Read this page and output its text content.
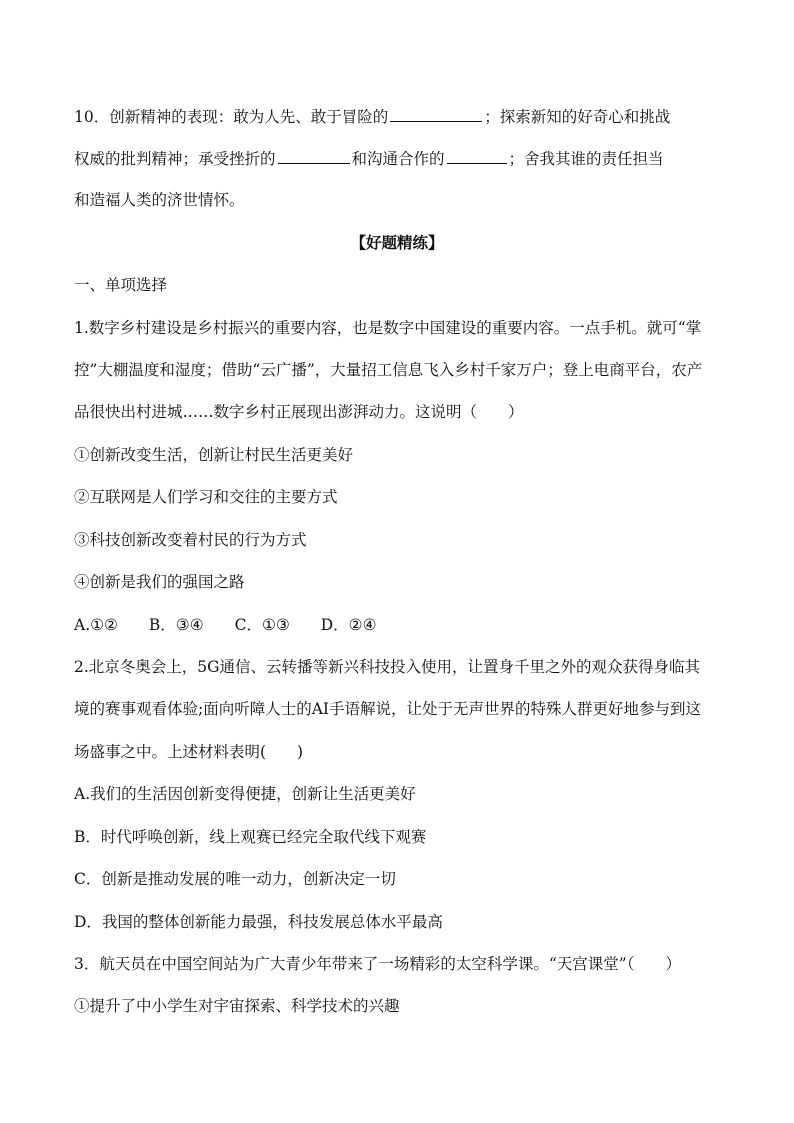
10．创新精神的表现：敢为人先、敢于冒险的	；探索新知的好奇心和挑战
权威的批判精神；承受挫折的	和沟通合作的	；舍我其谁的责任担当
和造福人类的济世情怀。
【好题精练】
一、单项选择
1.数字乡村建设是乡村振兴的重要内容，也是数字中国建设的重要内容。一点手机。就可“掌
控”大棚温度和湿度；借助“云广播”，大量招工信息飞入乡村千家万户；登上电商平台，农产
品很快出村进城……数字乡村正展现出澎湃动力。这说明（　　）
①创新改变生活，创新让村民生活更美好
②互联网是人们学习和交往的主要方式
③科技创新改变着村民的行为方式
④创新是我们的强国之路
A.①②　　B．③④　　C．①③　　D．②④
2.北京冬奥会上，5G通信、云转播等新兴科技投入使用，让置身千里之外的观众获得身临其
境的赛事观看体验;面向听障人士的AI手语解说，让处于无声世界的特殊人群更好地参与到这
场盛事之中。上述材料表明(　　)
A.我们的生活因创新变得便捷，创新让生活更美好
B．时代呼唤创新，线上观赛已经完全取代线下观赛
C．创新是推动发展的唯一动力，创新决定一切
D．我国的整体创新能力最强，科技发展总体水平最高
3．航天员在中国空间站为广大青少年带来了一场精彩的太空科学课。“天宫课堂”（　　）
①提升了中小学生对宇宙探索、科学技术的兴趣
